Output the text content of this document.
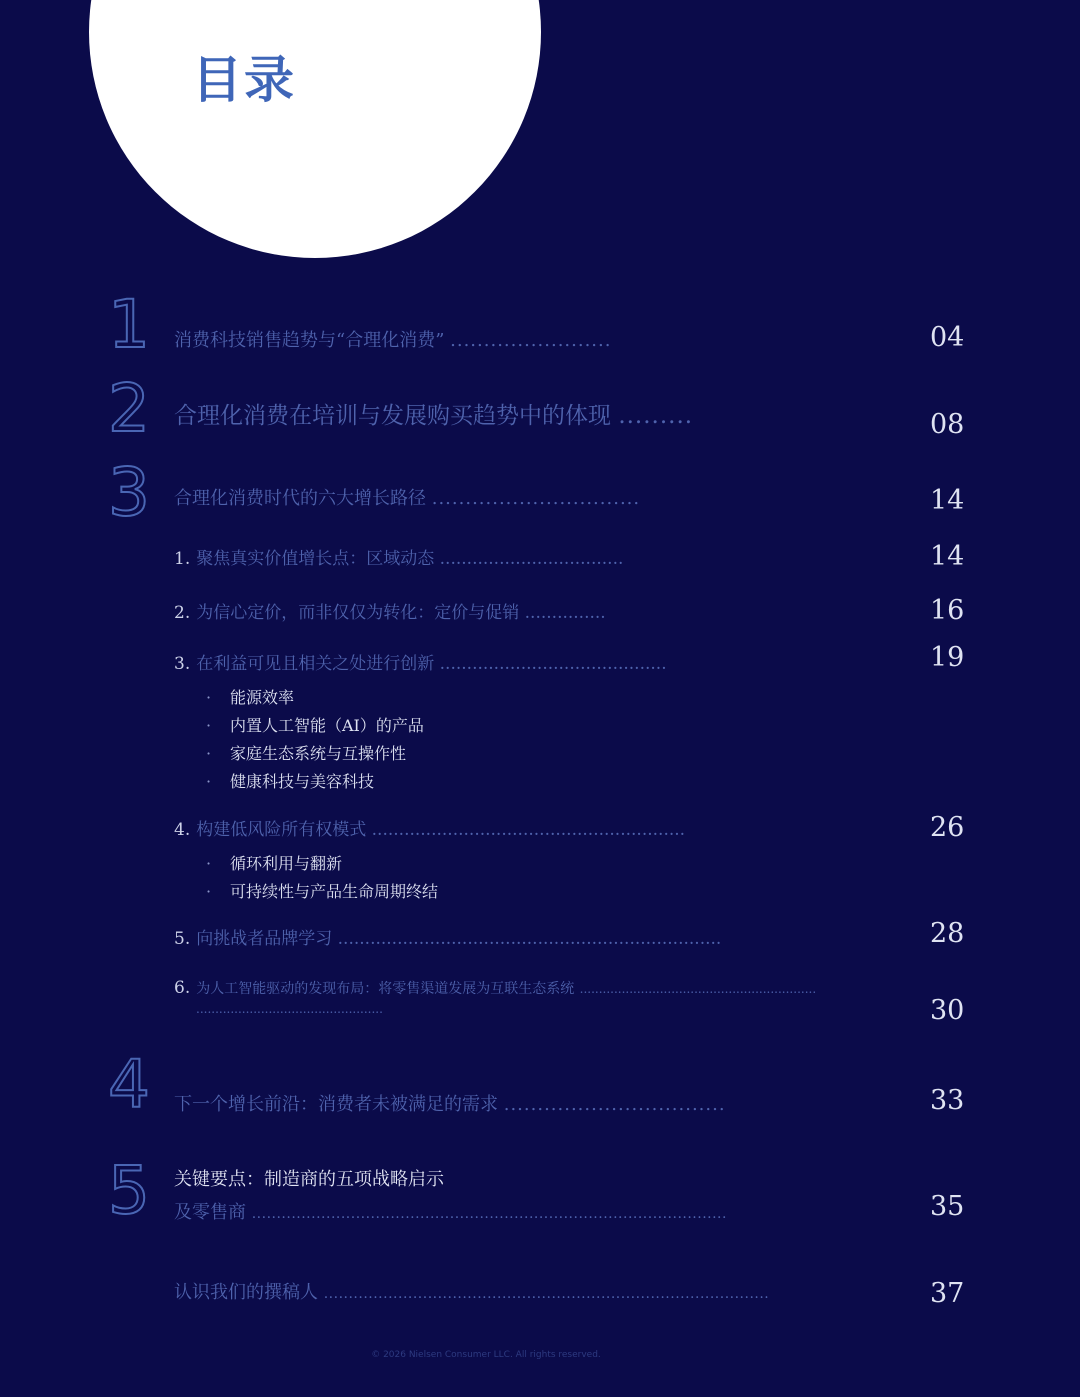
目录
1 消费科技销售趋势与“合理化消费” ........................	04
2 合理化消费在培训与发展购买趋势中的体现 .........	08
3 合理化消费时代的六大增长路径 ...............................	14
1. 聚焦真实价值增长点：区域动态 ..................................	14
2. 为信心定价，而非仅仅为转化：定价与促销 ...............	16
3. 在利益可见且相关之处进行创新 ..........................................	19
· 能源效率
· 内置人工智能（AI）的产品
· 家庭生态系统与互操作性
· 健康科技与美容科技
4. 构建低风险所有权模式 ..........................................................	26
· 循环利用与翻新
· 可持续性与产品生命周期终结
5. 向挑战者品牌学习 .......................................................................	28
6. 为人工智能驱动的发现布局：将零售渠道发展为互联生态系统 ..............................................................
.................................................	30
4 下一个增长前沿：消费者未被满足的需求 .................................	33
5 关键要点：制造商的五项战略启示
及零售商 ................................................................................................	35
认识我们的撰稿人 ..........................................................................................	37
© 2026 Nielsen Consumer LLC. All rights reserved.
